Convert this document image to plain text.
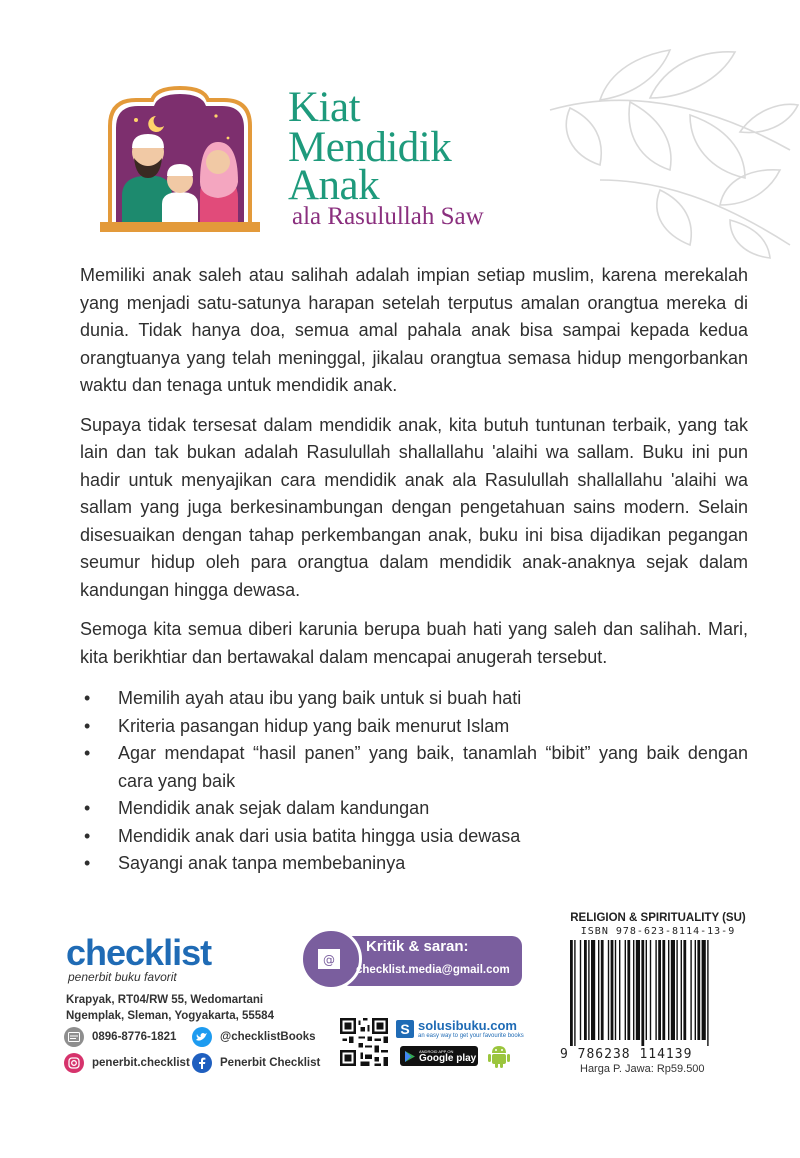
Kiat
Mendidik
Anak
ala Rasulullah Saw

Memiliki anak saleh atau salihah adalah impian setiap muslim, karena merekalah yang menjadi satu-satunya harapan setelah terputus amalan orangtua mereka di dunia. Tidak hanya doa, semua amal pahala anak bisa sampai kepada kedua orangtuanya yang telah meninggal, jikalau orangtua semasa hidup mengorbankan waktu dan tenaga untuk mendidik anak.

Supaya tidak tersesat dalam mendidik anak, kita butuh tuntunan terbaik, yang tak lain dan tak bukan adalah Rasulullah shallallahu 'alaihi wa sallam. Buku ini pun hadir untuk menyajikan cara mendidik anak ala Rasulullah shallallahu 'alaihi wa sallam yang juga berkesinambungan dengan pengetahuan sains modern. Selain disesuaikan dengan tahap perkembangan anak, buku ini bisa dijadikan pegangan seumur hidup oleh para orangtua dalam mendidik anak-anaknya sejak dalam kandungan hingga dewasa.

Semoga kita semua diberi karunia berupa buah hati yang saleh dan salihah. Mari, kita berikhtiar dan bertawakal dalam mencapai anugerah tersebut.

• Memilih ayah atau ibu yang baik untuk si buah hati
• Kriteria pasangan hidup yang baik menurut Islam
• Agar mendapat “hasil panen” yang baik, tanamlah “bibit” yang baik dengan cara yang baik
• Mendidik anak sejak dalam kandungan
• Mendidik anak dari usia batita hingga usia dewasa
• Sayangi anak tanpa membebaninya
checklist
penerbit buku favorit
Krapyak, RT04/RW 55, Wedomartani
Ngemplak, Sleman, Yogyakarta, 55584
0896-8776-1821	@checklistBooks
penerbit.checklist	Penerbit Checklist
@
Kritik & saran:
checklist.media@gmail.com
S solusibuku.com
an easy way to get your favourite books
ANDROID APP ON
Google play
RELIGION & SPIRITUALITY (SU)
ISBN 978-623-8114-13-9
9 786238 114139
Harga P. Jawa: Rp59.500
